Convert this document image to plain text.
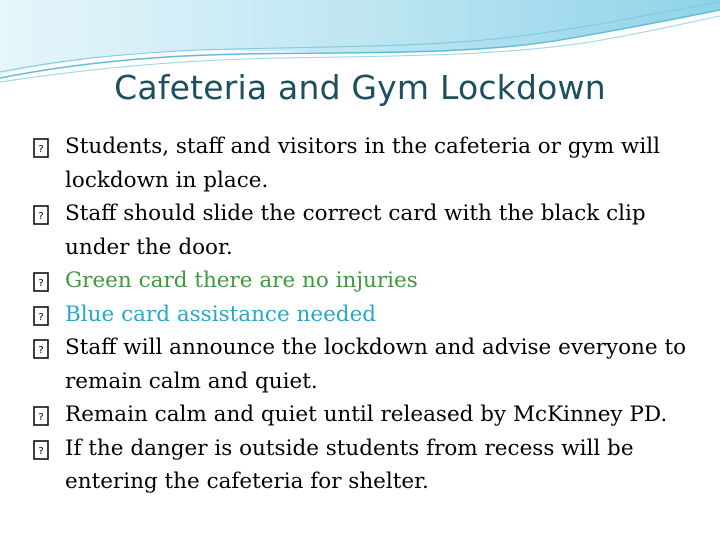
Cafeteria and Gym Lockdown
? Students, staff and visitors in the cafeteria or gym will lockdown in place.
? Staff should slide the correct card with the black clip under the door.
? Green card there are no injuries
? Blue card assistance needed
? Staff will announce the lockdown and advise everyone to remain calm and quiet.
? Remain calm and quiet until released by McKinney PD.
? If the danger is outside students from recess will be entering the cafeteria for shelter.
